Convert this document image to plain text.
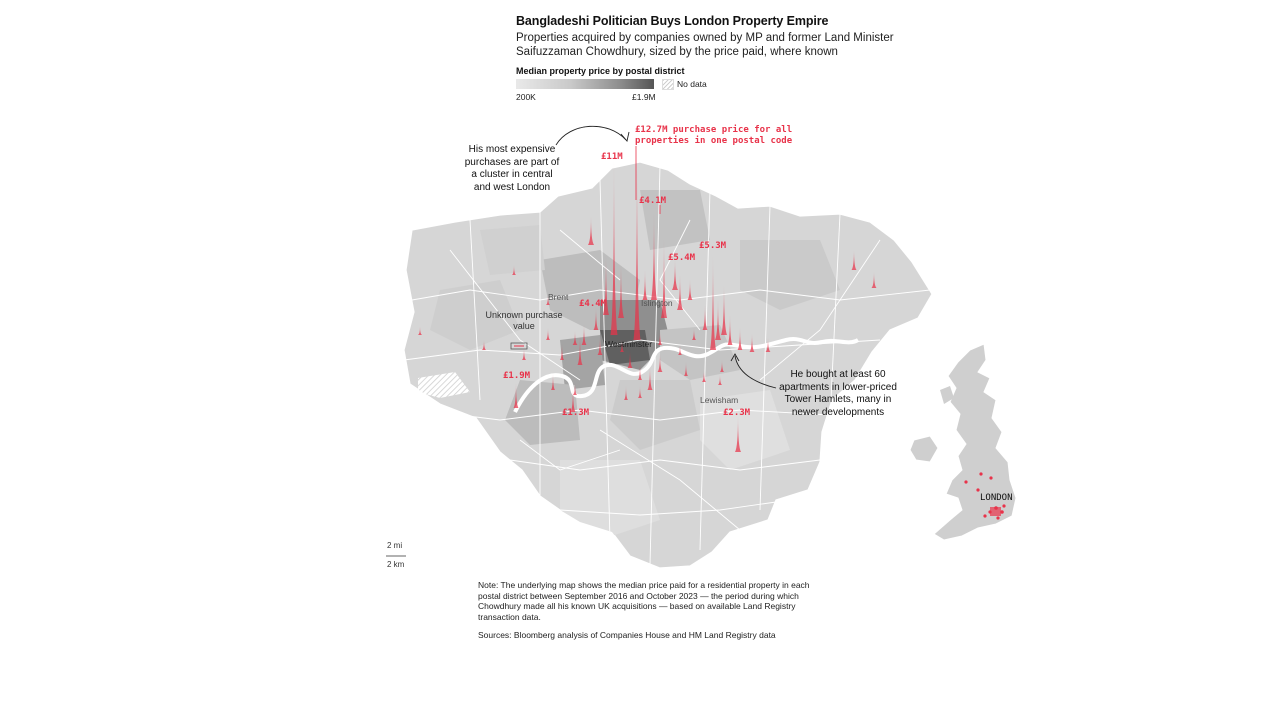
Bangladeshi Politician Buys London Property Empire
Properties acquired by companies owned by MP and former Land Minister Saifuzzaman Chowdhury, sized by the price paid, where known
Median property price by postal district
No data
200K	£1.9M
£12.7M purchase price for all properties in one postal code
£11M
£4.1M
£5.3M
£5.4M
£4.4M
£1.9M
£1.3M	£2.3M
His most expensive purchases are part of a cluster in central and west London
Unknown purchase value
He bought at least 60 apartments in lower-priced Tower Hamlets, many in newer developments
Brent
Islington
Westminster
Lewisham
LONDON
2 mi
2 km
Note: The underlying map shows the median price paid for a residential property in each postal district between September 2016 and October 2023 — the period during which Chowdhury made all his known UK acquisitions — based on available Land Registry transaction data.
Sources: Bloomberg analysis of Companies House and HM Land Registry data
